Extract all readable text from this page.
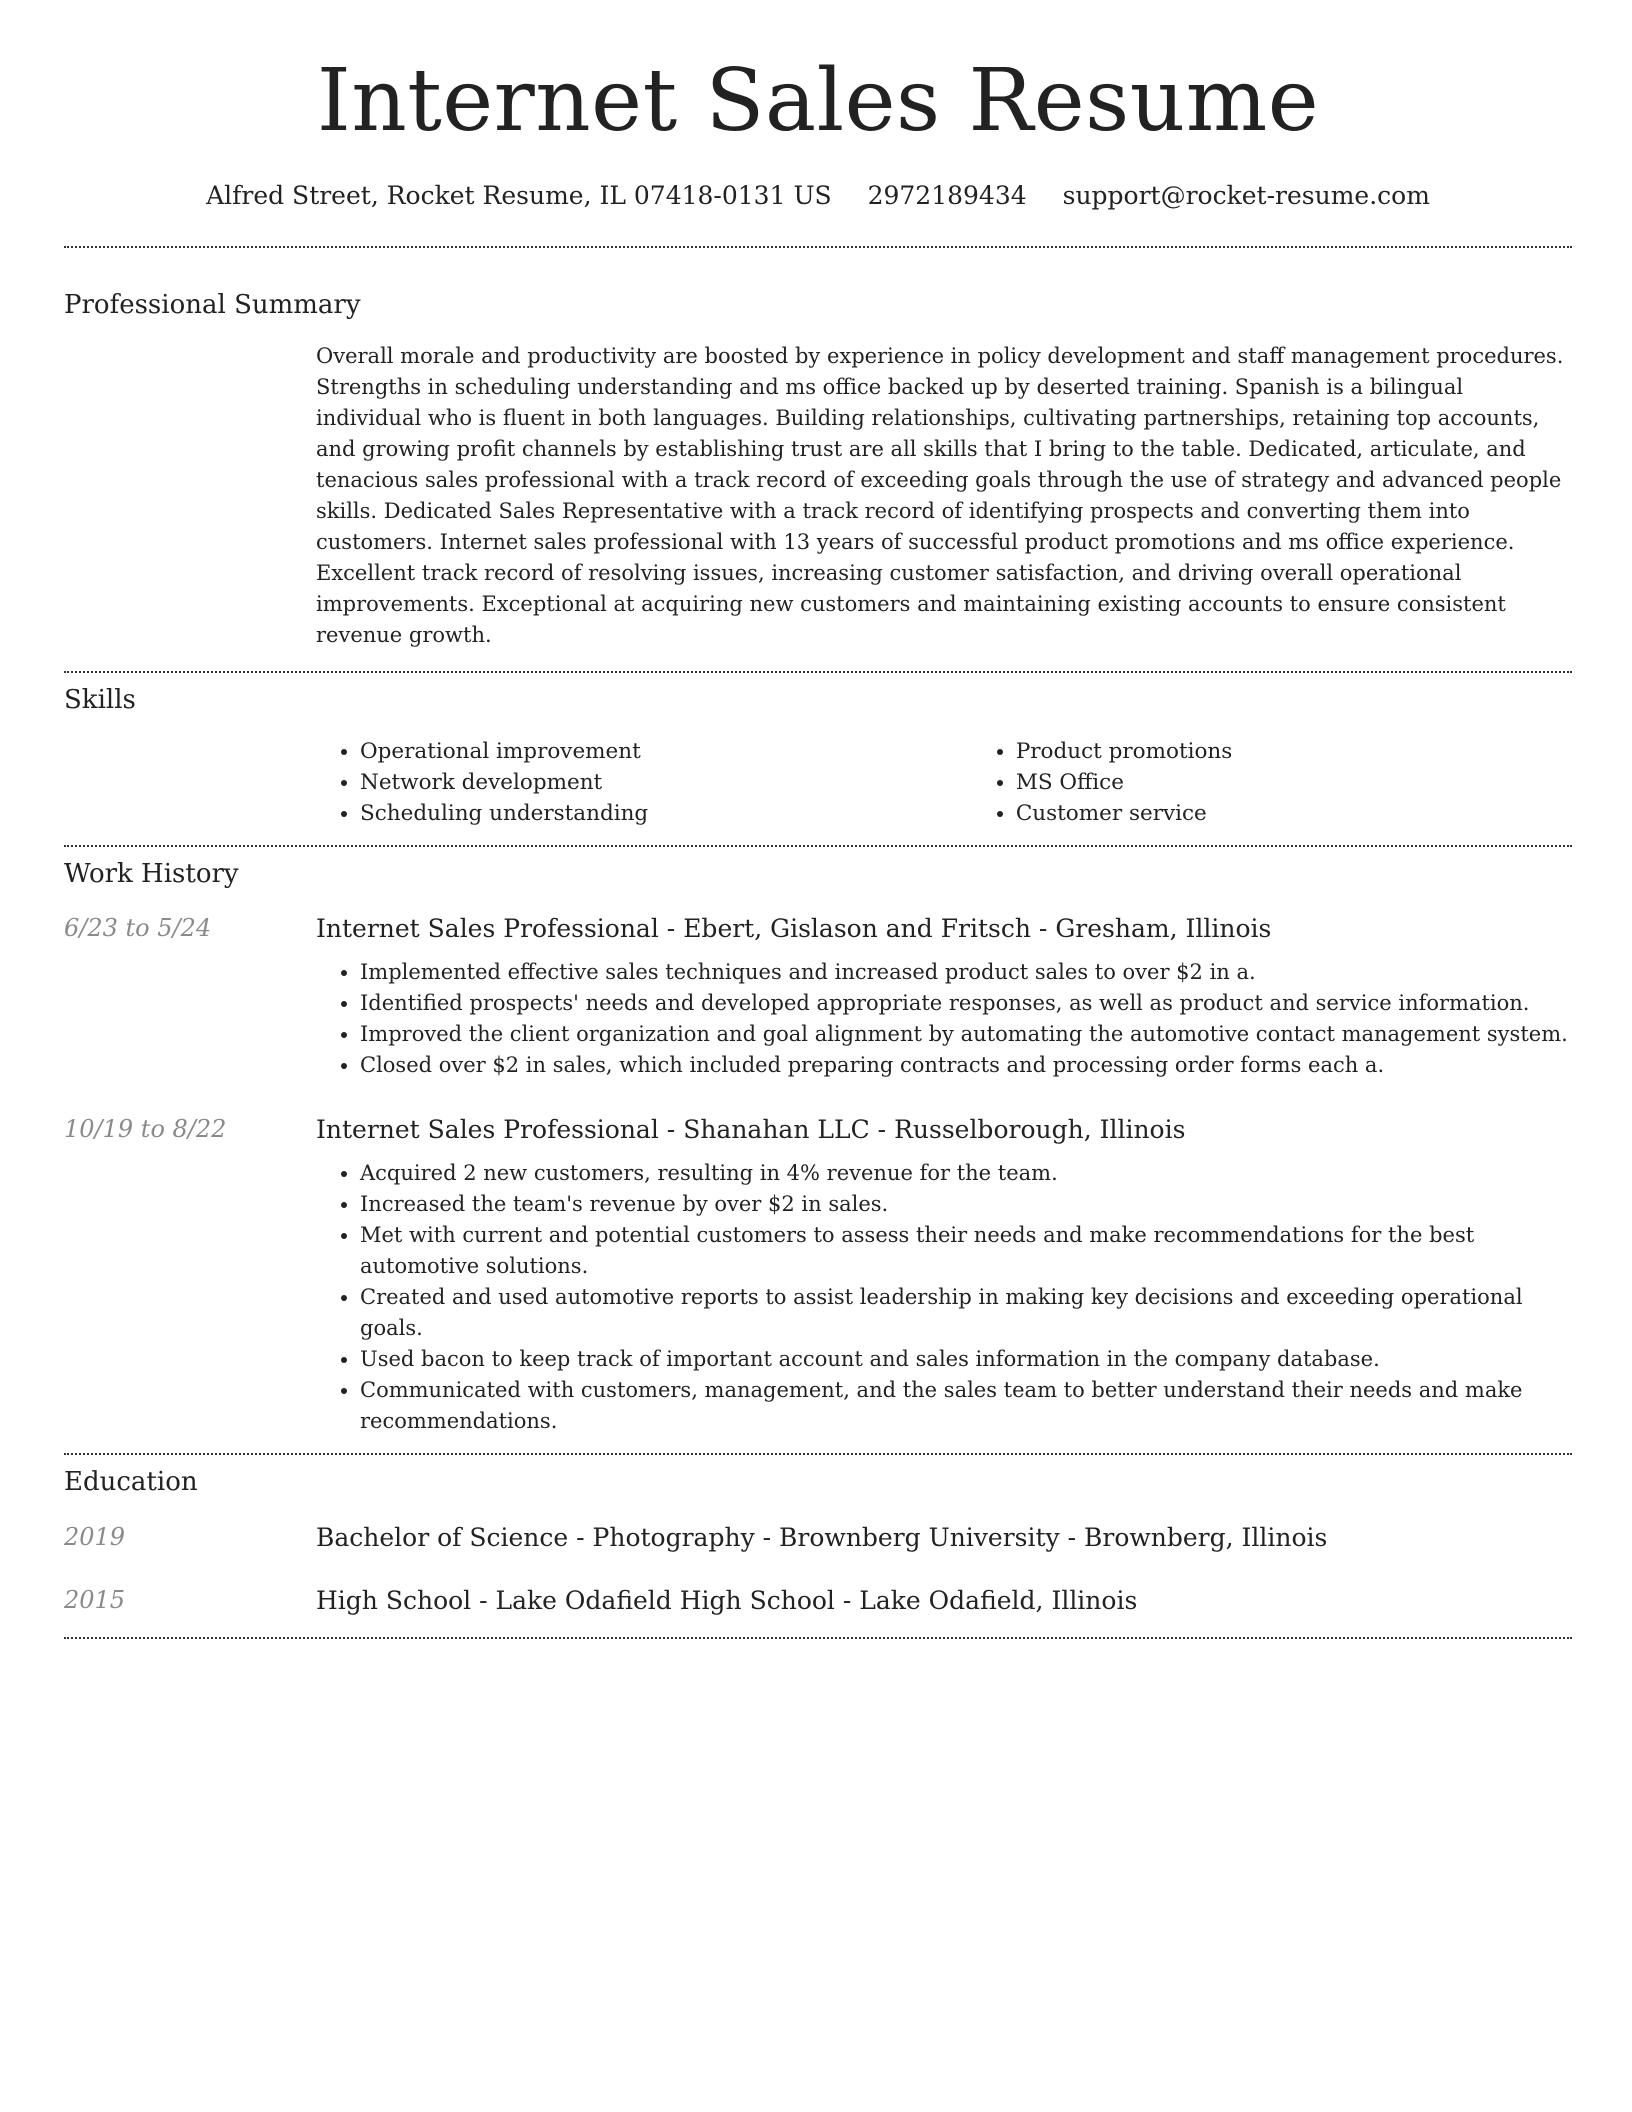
Internet Sales Resume
Alfred Street, Rocket Resume, IL 07418-0131 US 2972189434 support@rocket-resume.com
Professional Summary
Overall morale and productivity are boosted by experience in policy development and staff management procedures. Strengths in scheduling understanding and ms office backed up by deserted training. Spanish is a bilingual individual who is fluent in both languages. Building relationships, cultivating partnerships, retaining top accounts, and growing profit channels by establishing trust are all skills that I bring to the table. Dedicated, articulate, and tenacious sales professional with a track record of exceeding goals through the use of strategy and advanced people skills. Dedicated Sales Representative with a track record of identifying prospects and converting them into customers. Internet sales professional with 13 years of successful product promotions and ms office experience. Excellent track record of resolving issues, increasing customer satisfaction, and driving overall operational improvements. Exceptional at acquiring new customers and maintaining existing accounts to ensure consistent revenue growth.
Skills
• Operational improvement
• Network development
• Scheduling understanding
• Product promotions
• MS Office
• Customer service
Work History
6/23 to 5/24	Internet Sales Professional - Ebert, Gislason and Fritsch - Gresham, Illinois
• Implemented effective sales techniques and increased product sales to over $2 in a.
• Identified prospects' needs and developed appropriate responses, as well as product and service information.
• Improved the client organization and goal alignment by automating the automotive contact management system.
• Closed over $2 in sales, which included preparing contracts and processing order forms each a.
10/19 to 8/22	Internet Sales Professional - Shanahan LLC - Russelborough, Illinois
• Acquired 2 new customers, resulting in 4% revenue for the team.
• Increased the team's revenue by over $2 in sales.
• Met with current and potential customers to assess their needs and make recommendations for the best automotive solutions.
• Created and used automotive reports to assist leadership in making key decisions and exceeding operational goals.
• Used bacon to keep track of important account and sales information in the company database.
• Communicated with customers, management, and the sales team to better understand their needs and make recommendations.
Education
2019	Bachelor of Science - Photography - Brownberg University - Brownberg, Illinois
2015	High School - Lake Odafield High School - Lake Odafield, Illinois
